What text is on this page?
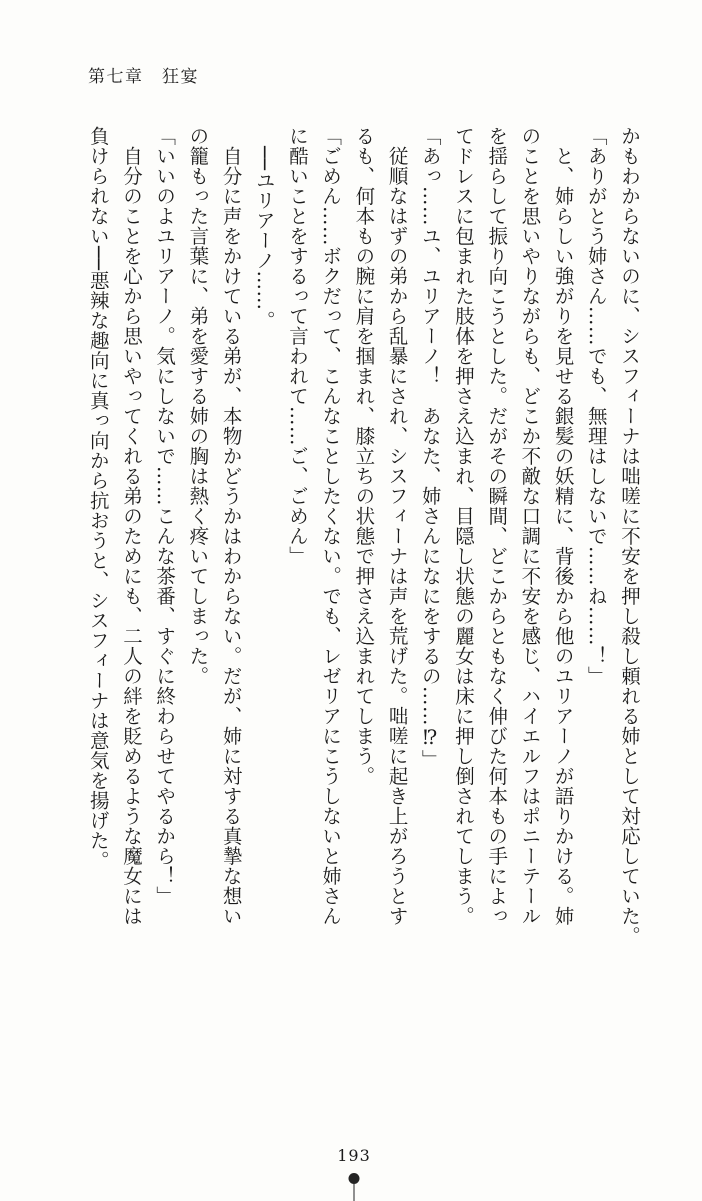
第七章　狂宴
かもわからないのに、シスフィーナは咄嗟に不安を押し殺し頼れる姉として対応していた。
「ありがとう姉さん……でも、無理はしないで……ね……！」
　と、姉らしい強がりを見せる銀髪の妖精に、背後から他のユリアーノが語りかける。姉
のことを思いやりながらも、どこか不敵な口調に不安を感じ、ハイエルフはポニーテール
を揺らして振り向こうとした。だがその瞬間、どこからともなく伸びた何本もの手によっ
てドレスに包まれた肢体を押さえ込まれ、目隠し状態の麗女は床に押し倒されてしまう。
「あっ……ユ、ユリアーノ！　あなた、姉さんになにをするの……⁉」
　従順なはずの弟から乱暴にされ、シスフィーナは声を荒げた。咄嗟に起き上がろうとす
るも、何本もの腕に肩を掴まれ、膝立ちの状態で押さえ込まれてしまう。
「ごめん……ボクだって、こんなことしたくない。でも、レゼリアにこうしないと姉さん
に酷いことをするって言われて……ご、ごめん」
　──ユリアーノ……。
　自分に声をかけている弟が、本物かどうかはわからない。だが、姉に対する真摯な想い
の籠もった言葉に、弟を愛する姉の胸は熱く疼いてしまった。
「いいのよユリアーノ。気にしないで……こんな茶番、すぐに終わらせてやるから！」
　自分のことを心から思いやってくれる弟のためにも、二人の絆を貶めるような魔女には
負けられない──悪辣な趣向に真っ向から抗おうと、シスフィーナは意気を揚げた。
193
